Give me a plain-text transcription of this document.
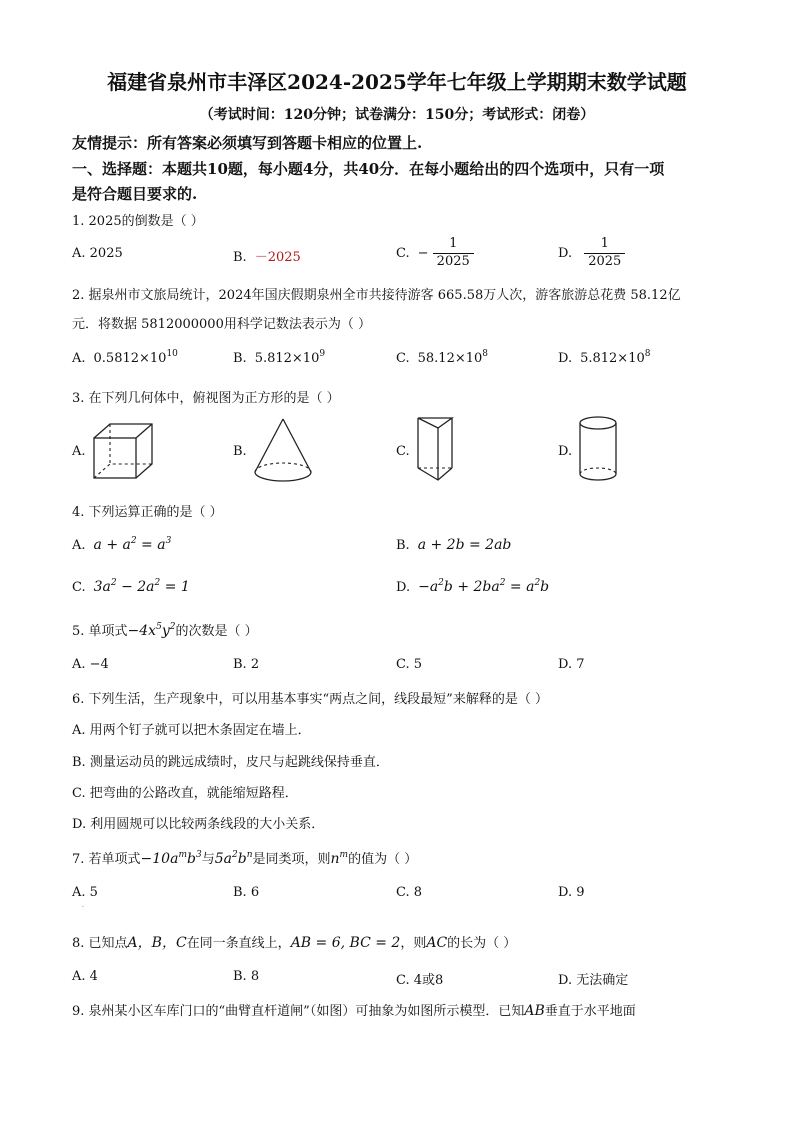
福建省泉州市丰泽区2024-2025学年七年级上学期期末数学试题
（考试时间：120分钟；试卷满分：150分；考试形式：闭卷）
友情提示：所有答案必须填写到答题卡相应的位置上.
一、选择题：本题共10题，每小题4分，共40分．在每小题给出的四个选项中，只有一项
是符合题目要求的.
1. 2025的倒数是（ ）
A. 2025	B. －2025	C. − $\frac{1}{2025}$	D. $\frac{1}{2025}$
2. 据泉州市文旅局统计，2024年国庆假期泉州全市共接待游客 665.58万人次，游客旅游总花费 58.12亿
元．将数据 5812000000用科学记数法表示为（ ）
A. $0.5812\times 10^{10}$	B. $5.812\times 10^9$	C. $58.12\times 10^8$	D. $5.812\times 10^8$
3. 在下列几何体中，俯视图为正方形的是（ ）
A.	B.	C.	D.
4. 下列运算正确的是（ ）
A. $a + a^2 = a^3$	B. a + 2b = 2ab
C. $3a^2 - 2a^2 = 1$	D. $-a^2b + 2ba^2 = a^2b$
5. 单项式$-4x^5y^2$的次数是（ ）
A. −4	B. 2	C. 5	D. 7
6. 下列生活，生产现象中，可以用基本事实“两点之间，线段最短”来解释的是（ ）
A. 用两个钉子就可以把木条固定在墙上．
B. 测量运动员的跳远成绩时，皮尺与起跳线保持垂直．
C. 把弯曲的公路改直，就能缩短路程．
D. 利用圆规可以比较两条线段的大小关系．
7. 若单项式$-10a^mb^3$与$5a^2b^n$是同类项，则$n^m$的值为（ ）
A. 5	B. 6	C. 8	D. 9
·
8. 已知点A，B，C在同一条直线上，AB = 6, BC = 2，则AC的长为（ ）
A. 4	B. 8	C. 4或8	D. 无法确定
9. 泉州某小区车库门口的“曲臂直杆道闸”（如图）可抽象为如图所示模型．已知AB垂直于水平地面
